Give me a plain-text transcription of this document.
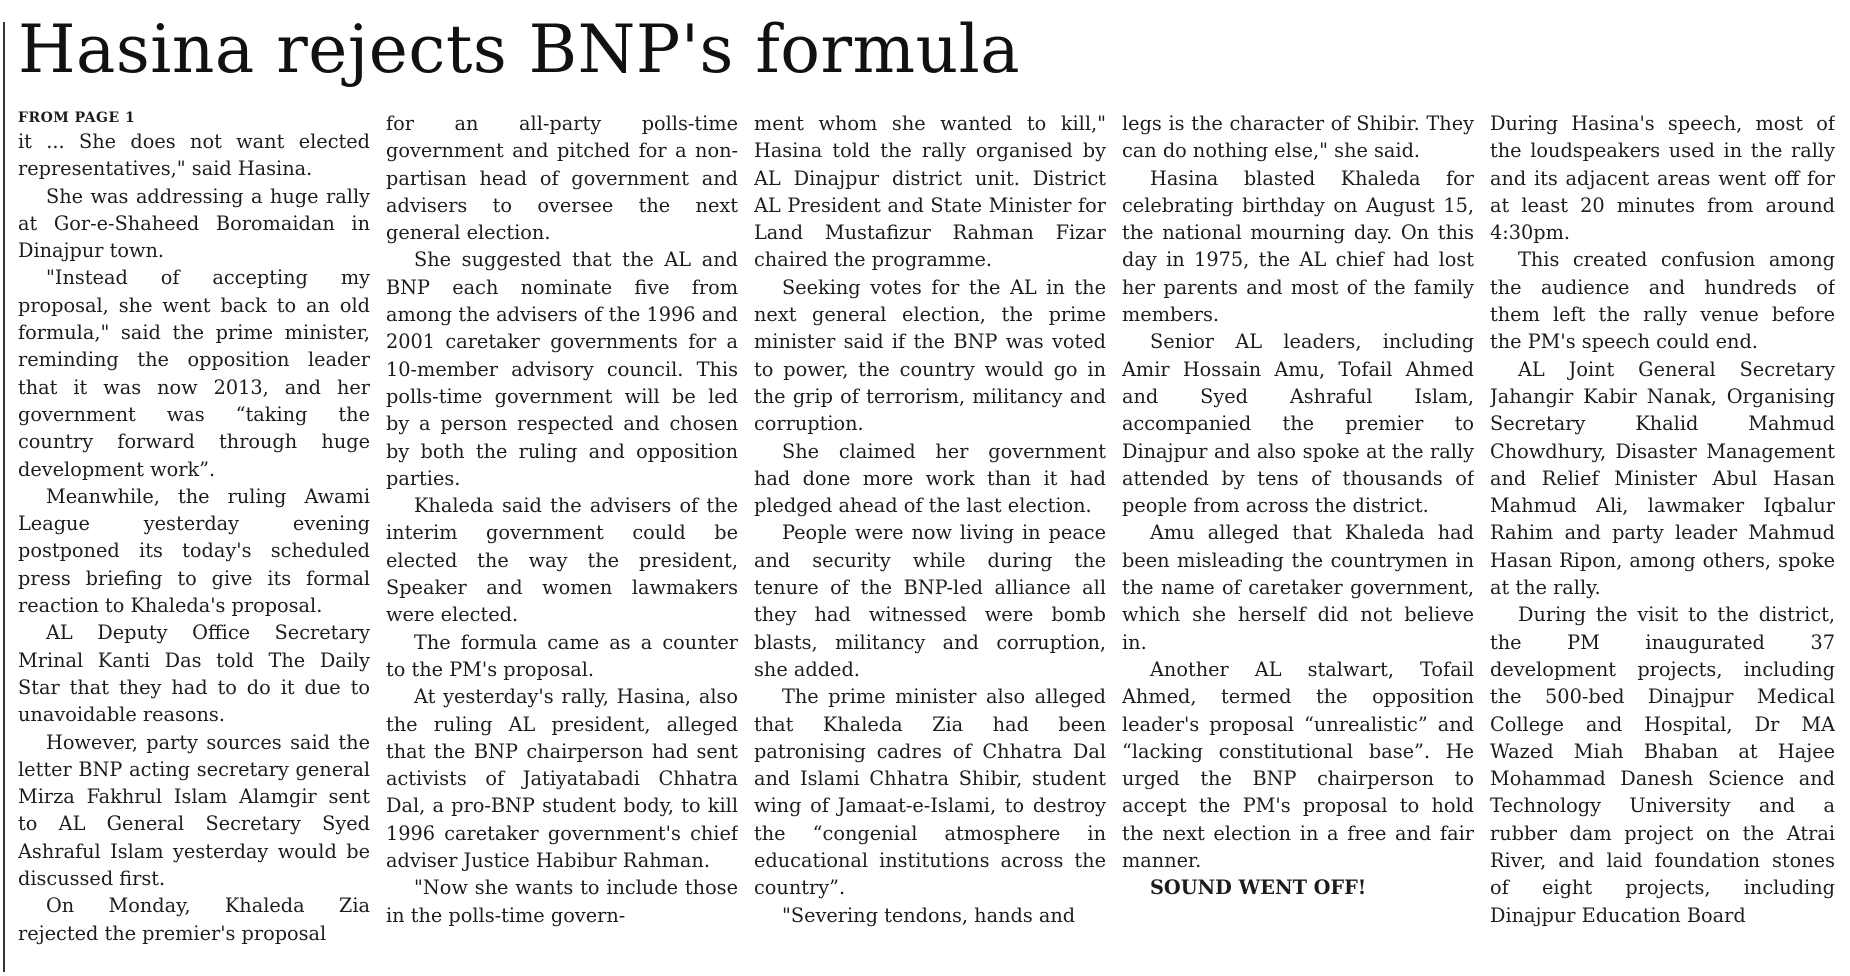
Hasina rejects BNP's formula
FROM PAGE 1

it ... She does not want elected representatives," said Hasina.

She was addressing a huge rally at Gor-e-Shaheed Boromaidan in Dinajpur town.

"Instead of accepting my proposal, she went back to an old formula," said the prime minister, reminding the opposition leader that it was now 2013, and her government was “taking the country forward through huge development work”.

Meanwhile, the ruling Awami League yesterday evening postponed its today's scheduled press briefing to give its formal reaction to Khaleda's proposal.

AL Deputy Office Secretary Mrinal Kanti Das told The Daily Star that they had to do it due to unavoidable reasons.

However, party sources said the letter BNP acting secretary general Mirza Fakhrul Islam Alamgir sent to AL General Secretary Syed Ashraful Islam yesterday would be discussed first.

On Monday, Khaleda Zia rejected the premier's proposal

for an all-party polls-time government and pitched for a non-partisan head of government and advisers to oversee the next general election.

She suggested that the AL and BNP each nominate five from among the advisers of the 1996 and 2001 caretaker governments for a 10-member advisory council. This polls-time government will be led by a person respected and chosen by both the ruling and opposition parties.

Khaleda said the advisers of the interim government could be elected the way the president, Speaker and women lawmakers were elected.

The formula came as a counter to the PM's proposal.

At yesterday's rally, Hasina, also the ruling AL president, alleged that the BNP chairperson had sent activists of Jatiyatabadi Chhatra Dal, a pro-BNP student body, to kill 1996 caretaker government's chief adviser Justice Habibur Rahman.

"Now she wants to include those in the polls-time govern-

ment whom she wanted to kill," Hasina told the rally organised by AL Dinajpur district unit. District AL President and State Minister for Land Mustafizur Rahman Fizar chaired the programme.

Seeking votes for the AL in the next general election, the prime minister said if the BNP was voted to power, the country would go in the grip of terrorism, militancy and corruption.

She claimed her government had done more work than it had pledged ahead of the last election.

People were now living in peace and security while during the tenure of the BNP-led alliance all they had witnessed were bomb blasts, militancy and corruption, she added.

The prime minister also alleged that Khaleda Zia had been patronising cadres of Chhatra Dal and Islami Chhatra Shibir, student wing of Jamaat-e-Islami, to destroy the “congenial atmosphere in educational institutions across the country”.

"Severing tendons, hands and

legs is the character of Shibir. They can do nothing else," she said.

Hasina blasted Khaleda for celebrating birthday on August 15, the national mourning day. On this day in 1975, the AL chief had lost her parents and most of the family members.

Senior AL leaders, including Amir Hossain Amu, Tofail Ahmed and Syed Ashraful Islam, accompanied the premier to Dinajpur and also spoke at the rally attended by tens of thousands of people from across the district.

Amu alleged that Khaleda had been misleading the countrymen in the name of caretaker government, which she herself did not believe in.

Another AL stalwart, Tofail Ahmed, termed the opposition leader's proposal “unrealistic” and “lacking constitutional base”. He urged the BNP chairperson to accept the PM's proposal to hold the next election in a free and fair manner.

SOUND WENT OFF!

During Hasina's speech, most of the loudspeakers used in the rally and its adjacent areas went off for at least 20 minutes from around 4:30pm.

This created confusion among the audience and hundreds of them left the rally venue before the PM's speech could end.

AL Joint General Secretary Jahangir Kabir Nanak, Organising Secretary Khalid Mahmud Chowdhury, Disaster Management and Relief Minister Abul Hasan Mahmud Ali, lawmaker Iqbalur Rahim and party leader Mahmud Hasan Ripon, among others, spoke at the rally.

During the visit to the district, the PM inaugurated 37 development projects, including the 500-bed Dinajpur Medical College and Hospital, Dr MA Wazed Miah Bhaban at Hajee Mohammad Danesh Science and Technology University and a rubber dam project on the Atrai River, and laid foundation stones of eight projects, including Dinajpur Education Board
